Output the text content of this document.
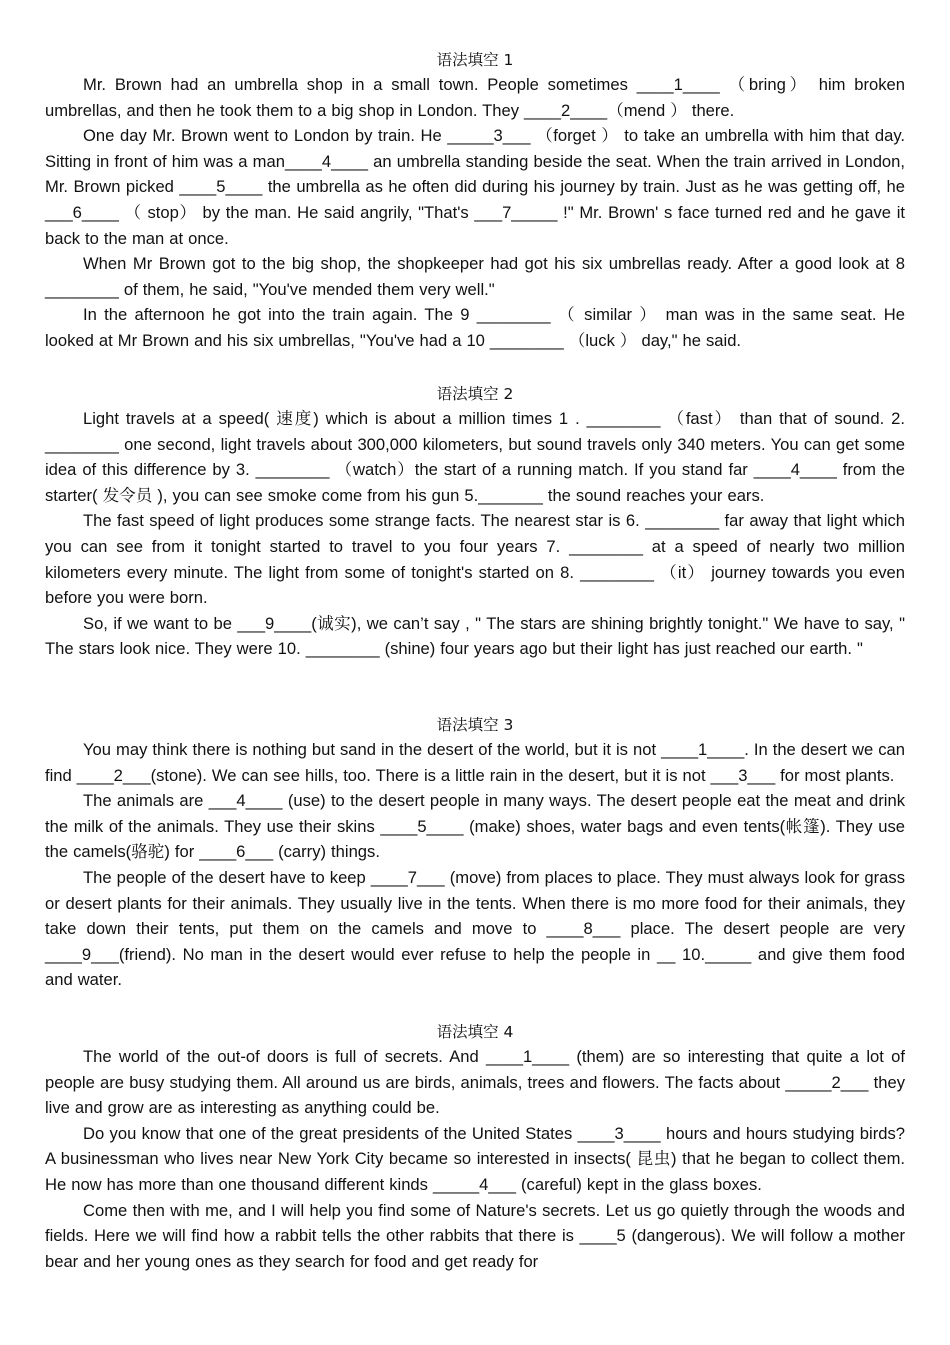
语法填空 1

Mr. Brown had an umbrella shop in a small town. People sometimes ____1____ （bring） him broken umbrellas, and then he took them to a big shop in London. They ____2____（mend ） there.

One day Mr. Brown went to London by train. He _____3___ （forget ） to take an umbrella with him that day. Sitting in front of him was a man____4____ an umbrella standing beside the seat. When the train arrived in London, Mr. Brown picked ____5____ the umbrella as he often did during his journey by train. Just as he was getting off, he ___6____ （ stop） by the man. He said angrily, "That's ___7_____ !" Mr. Brown' s face turned red and he gave it back to the man at once.

When Mr Brown got to the big shop, the shopkeeper had got his six umbrellas ready. After a good look at 8 ________ of them, he said, "You've mended them very well."

In the afternoon he got into the train again. The 9 ________ （ similar ） man was in the same seat. He looked at Mr Brown and his six umbrellas, "You've had a 10 ________ （luck ） day," he said.

语法填空 2

Light travels at a speed( 速度) which is about a million times 1 . ________ （fast） than that of sound. 2. ________ one second, light travels about 300,000 kilometers, but sound travels only 340 meters. You can get some idea of this difference by 3. ________ （watch）the start of a running match. If you stand far ____4____ from the starter( 发令员 ), you can see smoke come from his gun 5._______ the sound reaches your ears.

The fast speed of light produces some strange facts. The nearest star is 6. ________ far away that light which you can see from it tonight started to travel to you four years 7. ________ at a speed of nearly two million kilometers every minute. The light from some of tonight's started on 8. ________ （it） journey towards you even before you were born.

So, if we want to be ___9____(诚实), we can’t say , " The stars are shining brightly tonight." We have to say, " The stars look nice. They were 10. ________ (shine) four years ago but their light has just reached our earth. "

语法填空 3

You may think there is nothing but sand in the desert of the world, but it is not ____1____. In the desert we can find ____2___(stone). We can see hills, too. There is a little rain in the desert, but it is not ___3___ for most plants.

The animals are ___4____ (use) to the desert people in many ways. The desert people eat the meat and drink the milk of the animals. They use their skins ____5____ (make) shoes, water bags and even tents(帐篷). They use the camels(骆驼) for ____6___ (carry) things.

The people of the desert have to keep ____7___ (move) from places to place. They must always look for grass or desert plants for their animals. They usually live in the tents. When there is mo more food for their animals, they take down their tents, put them on the camels and move to ____8___ place. The desert people are very ____9___(friend). No man in the desert would ever refuse to help the people in __ 10._____ and give them food and water.

语法填空 4

The world of the out-of doors is full of secrets. And ____1____ (them) are so interesting that quite a lot of people are busy studying them. All around us are birds, animals, trees and flowers. The facts about _____2___ they live and grow are as interesting as anything could be.

Do you know that one of the great presidents of the United States ____3____ hours and hours studying birds? A businessman who lives near New York City became so interested in insects( 昆虫) that he began to collect them. He now has more than one thousand different kinds _____4___ (careful) kept in the glass boxes.

Come then with me, and I will help you find some of Nature's secrets. Let us go quietly through the woods and fields. Here we will find how a rabbit tells the other rabbits that there is ____5 (dangerous). We will follow a mother bear and her young ones as they search for food and get ready for
